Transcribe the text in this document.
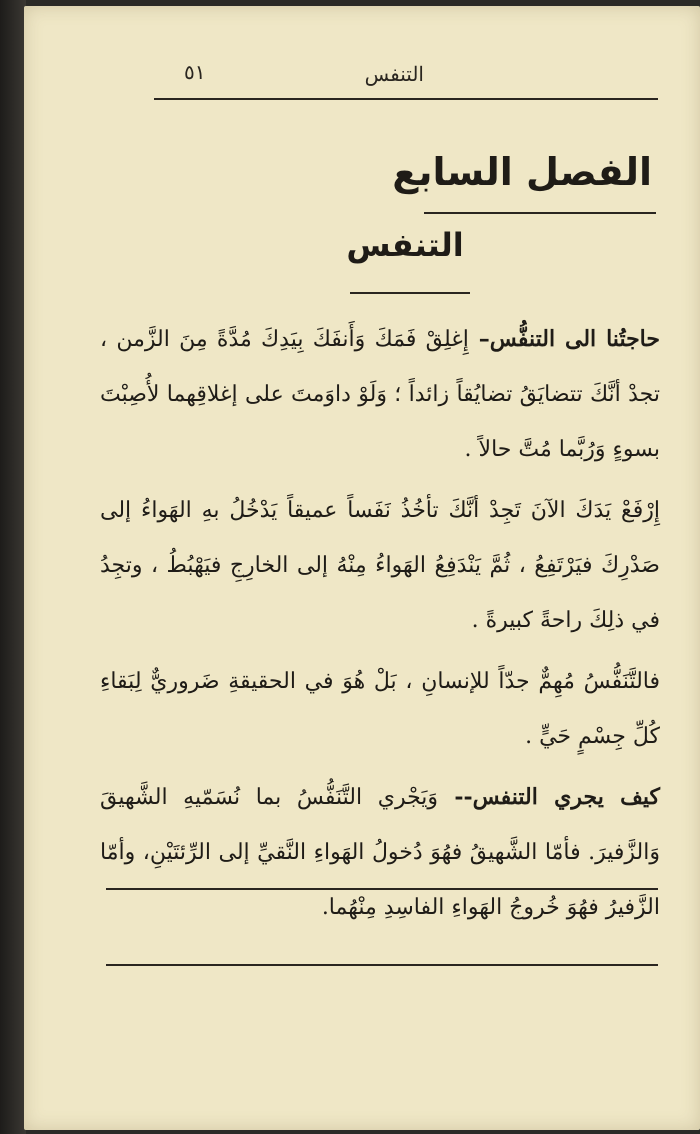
التنفس
٥١
الفصل السابع
التنفس

حاجتُنا الى التنفُّس– إِغلِقْ فَمَكَ وَأَنفَكَ بِيَدِكَ مُدَّةً مِنَ الزَّمن ، تجدْ أنَّكَ تتضايَقُ تضايُقاً زائداً ؛ وَلَوْ داوَمتَ على إغلاقِهما لأُصِبْتَ بسوءٍ وَرُبَّما مُتَّ حالاً .

إِرْفَعْ يَدَكَ الآنَ تَجِدْ أنَّكَ تأخُذُ نَفَساً عميقاً يَدْخُلُ بهِ الهَواءُ إلى صَدْرِكَ فيَرْتَفِعُ ، ثُمَّ يَنْدَفِعُ الهَواءُ مِنْهُ إلى الخارِجِ فيَهْبُطُ ، وتجِدُ في ذلِكَ راحةً كبيرةً .

فالتَّنَفُّسُ مُهِمٌّ جدّاً للإنسانِ ، بَلْ هُوَ في الحقيقةِ ضَروريٌّ لِبَقاءِ كُلِّ جِسْمٍ حَيٍّ .

كيف يجري التنفس-- وَيَجْري التَّنَفُّسُ بما نُسَمّيهِ الشَّهيقَ وَالزَّفيرَ. فأمّا الشَّهيقُ فهُوَ دُخولُ الهَواءِ النَّقيِّ إلى الرِّئتَيْنِ، وأمّا الزَّفيرُ فهُوَ خُروجُ الهَواءِ الفاسِدِ مِنْهُما.
